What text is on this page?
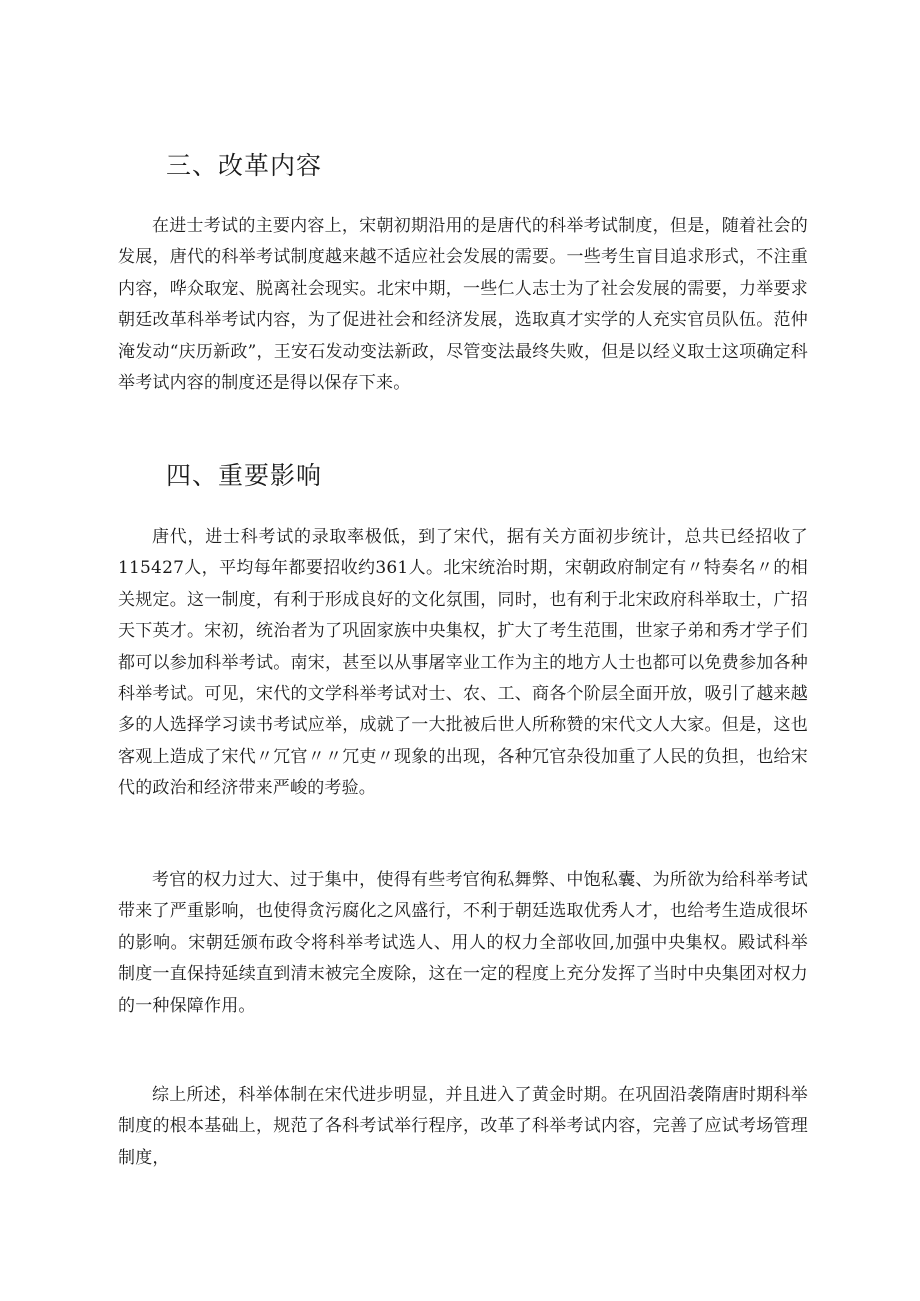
三、改革内容

在进士考试的主要内容上，宋朝初期沿用的是唐代的科举考试制度，但是，随着社会的发展，唐代的科举考试制度越来越不适应社会发展的需要。一些考生盲目追求形式，不注重内容，哗众取宠、脱离社会现实。北宋中期，一些仁人志士为了社会发展的需要，力举要求朝廷改革科举考试内容，为了促进社会和经济发展，选取真才实学的人充实官员队伍。范仲淹发动“庆历新政”，王安石发动变法新政，尽管变法最终失败，但是以经义取士这项确定科举考试内容的制度还是得以保存下来。

四、重要影响

唐代，进士科考试的录取率极低，到了宋代，据有关方面初步统计，总共已经招收了115427人，平均每年都要招收约361人。北宋统治时期，宋朝政府制定有〃特奏名〃的相关规定。这一制度，有利于形成良好的文化氛围，同时，也有利于北宋政府科举取士，广招天下英才。宋初，统治者为了巩固家族中央集权，扩大了考生范围，世家子弟和秀才学子们都可以参加科举考试。南宋，甚至以从事屠宰业工作为主的地方人士也都可以免费参加各种科举考试。可见，宋代的文学科举考试对士、农、工、商各个阶层全面开放，吸引了越来越多的人选择学习读书考试应举，成就了一大批被后世人所称赞的宋代文人大家。但是，这也客观上造成了宋代〃冗官〃〃冗吏〃现象的出现，各种冗官杂役加重了人民的负担，也给宋代的政治和经济带来严峻的考验。

考官的权力过大、过于集中，使得有些考官徇私舞弊、中饱私囊、为所欲为给科举考试带来了严重影响，也使得贪污腐化之风盛行，不利于朝廷选取优秀人才，也给考生造成很坏的影响。宋朝廷颁布政令将科举考试选人、用人的权力全部收回,加强中央集权。殿试科举制度一直保持延续直到清末被完全废除，这在一定的程度上充分发挥了当时中央集团对权力的一种保障作用。

综上所述，科举体制在宋代进步明显，并且进入了黄金时期。在巩固沿袭隋唐时期科举制度的根本基础上，规范了各科考试举行程序，改革了科举考试内容，完善了应试考场管理制度，
